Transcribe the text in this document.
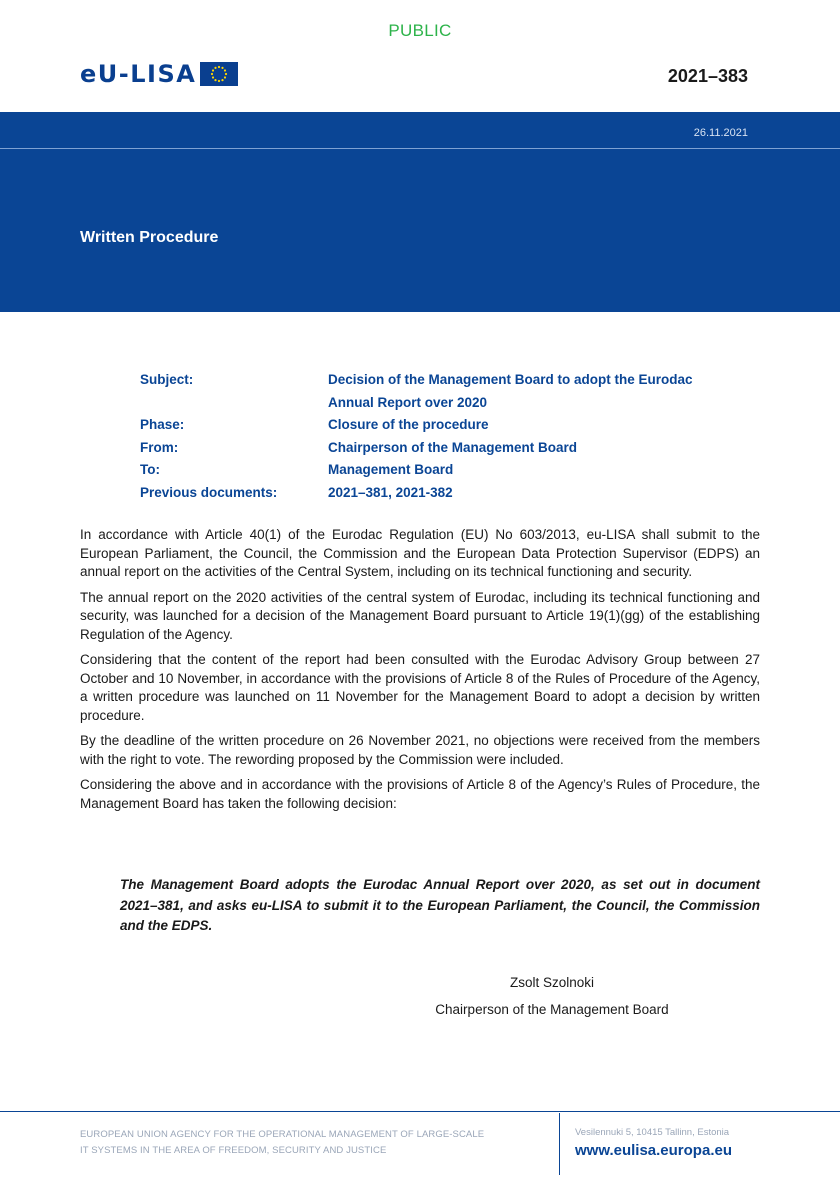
PUBLIC
eU-LISA	2021–383
26.11.2021
Written Procedure
Subject:	Decision of the Management Board to adopt the Eurodac Annual Report over 2020
Phase:	Closure of the procedure
From:	Chairperson of the Management Board
To:	Management Board
Previous documents:	2021–381, 2021-382

In accordance with Article 40(1) of the Eurodac Regulation (EU) No 603/2013, eu-LISA shall submit to the European Parliament, the Council, the Commission and the European Data Protection Supervisor (EDPS) an annual report on the activities of the Central System, including on its technical functioning and security.

The annual report on the 2020 activities of the central system of Eurodac, including its technical functioning and security, was launched for a decision of the Management Board pursuant to Article 19(1)(gg) of the establishing Regulation of the Agency.

Considering that the content of the report had been consulted with the Eurodac Advisory Group between 27 October and 10 November, in accordance with the provisions of Article 8 of the Rules of Procedure of the Agency, a written procedure was launched on 11 November for the Management Board to adopt a decision by written procedure.

By the deadline of the written procedure on 26 November 2021, no objections were received from the members with the right to vote. The rewording proposed by the Commission were included.

Considering the above and in accordance with the provisions of Article 8 of the Agency’s Rules of Procedure, the Management Board has taken the following decision:

The Management Board adopts the Eurodac Annual Report over 2020, as set out in document 2021–381, and asks eu-LISA to submit it to the European Parliament, the Council, the Commission and the EDPS.
Zsolt Szolnoki
Chairperson of the Management Board
EUROPEAN UNION AGENCY FOR THE OPERATIONAL MANAGEMENT OF LARGE-SCALE
IT SYSTEMS IN THE AREA OF FREEDOM, SECURITY AND JUSTICE
Vesilennuki 5, 10415 Tallinn, Estonia
www.eulisa.europa.eu
